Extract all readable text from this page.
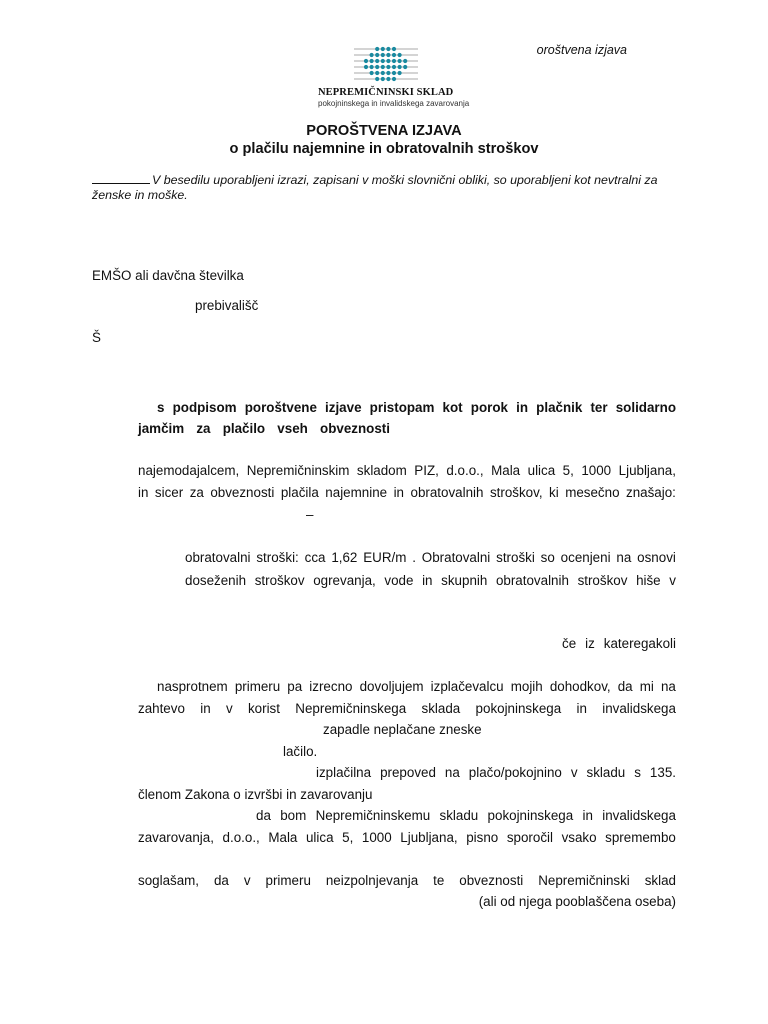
oroštvena izjava
NEPREMIČNINSKI SKLAD
pokojninskega in invalidskega zavarovanja
POROŠTVENA IZJAVA
o plačilu najemnine in obratovalnih stroškov
V besedilu uporabljeni izrazi, zapisani v moški slovnični obliki, so uporabljeni kot nevtralni za ženske in moške.
EMŠO ali davčna številka
prebivališč
Š
s podpisom poroštvene izjave pristopam kot porok in plačnik ter solidarno
jamčim za plačilo vseh obveznosti
najemodajalcem, Nepremičninskim skladom PIZ, d.o.o., Mala ulica 5, 1000 Ljubljana,
in sicer za obveznosti plačila najemnine in obratovalnih stroškov, ki mesečno znašajo:
–
obratovalni stroški: cca 1,62 EUR/m . Obratovalni stroški so ocenjeni na osnovi
doseženih stroškov ogrevanja, vode in skupnih obratovalnih stroškov hiše v
če iz kateregakoli
nasprotnem primeru pa izrecno dovoljujem izplačevalcu mojih dohodkov, da mi na
zahtevo in v korist Nepremičninskega sklada pokojninskega in invalidskega
zapadle neplačane zneske
lačilo.
izplačilna prepoved na plačo/pokojnino v skladu s 135.
členom Zakona o izvršbi in zavarovanju
da bom Nepremičninskemu skladu pokojninskega in invalidskega
zavarovanja, d.o.o., Mala ulica 5, 1000 Ljubljana, pisno sporočil vsako spremembo
soglašam, da v primeru neizpolnjevanja te obveznosti Nepremičninski sklad
(ali od njega pooblaščena oseba)
